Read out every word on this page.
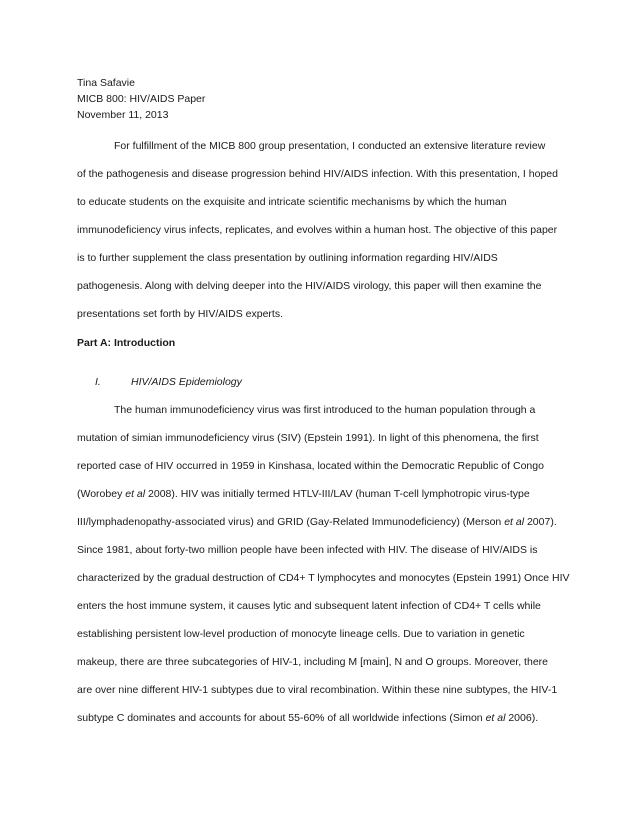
Tina Safavie
MICB 800: HIV/AIDS Paper
November 11, 2013
For fulfillment of the MICB 800 group presentation, I conducted an extensive literature review
of the pathogenesis and disease progression behind HIV/AIDS infection. With this presentation, I hoped
to educate students on the exquisite and intricate scientific mechanisms by which the human
immunodeficiency virus infects, replicates, and evolves within a human host. The objective of this paper
is to further supplement the class presentation by outlining information regarding HIV/AIDS
pathogenesis. Along with delving deeper into the HIV/AIDS virology, this paper will then examine the
presentations set forth by HIV/AIDS experts.
Part A: Introduction
I.	HIV/AIDS Epidemiology
The human immunodeficiency virus was first introduced to the human population through a
mutation of simian immunodeficiency virus (SIV) (Epstein 1991). In light of this phenomena, the first
reported case of HIV occurred in 1959 in Kinshasa, located within the Democratic Republic of Congo
(Worobey et al 2008). HIV was initially termed HTLV-III/LAV (human T-cell lymphotropic virus-type
III/lymphadenopathy-associated virus) and GRID (Gay-Related Immunodeficiency) (Merson et al 2007).
Since 1981, about forty-two million people have been infected with HIV. The disease of HIV/AIDS is
characterized by the gradual destruction of CD4+ T lymphocytes and monocytes (Epstein 1991) Once HIV
enters the host immune system, it causes lytic and subsequent latent infection of CD4+ T cells while
establishing persistent low-level production of monocyte lineage cells. Due to variation in genetic
makeup, there are three subcategories of HIV-1, including M [main], N and O groups. Moreover, there
are over nine different HIV-1 subtypes due to viral recombination. Within these nine subtypes, the HIV-1
subtype C dominates and accounts for about 55-60% of all worldwide infections (Simon et al 2006).
